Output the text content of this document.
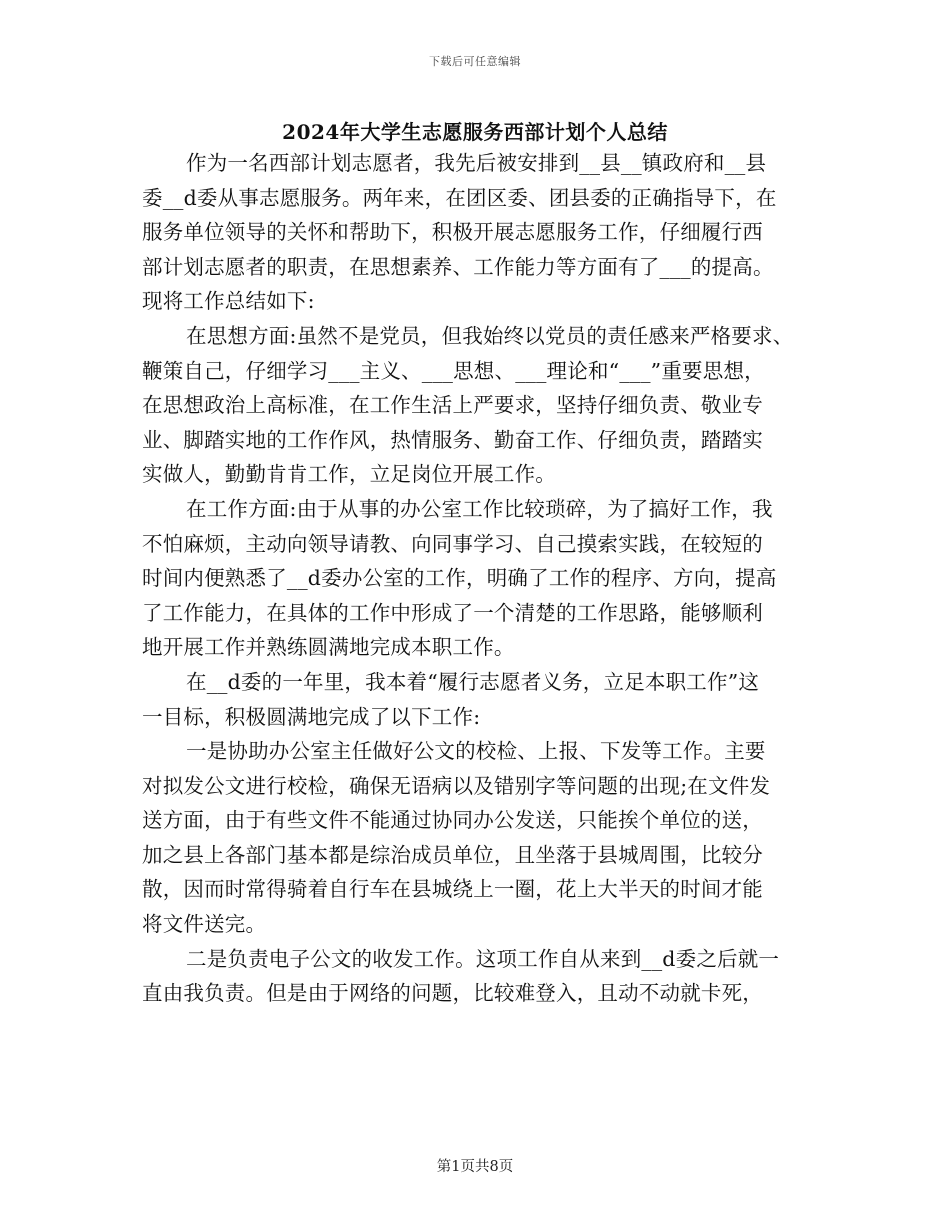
下载后可任意编辑
2024年大学生志愿服务西部计划个人总结
作为一名西部计划志愿者，我先后被安排到__县__镇政府和__县
委__d委从事志愿服务。两年来，在团区委、团县委的正确指导下，在
服务单位领导的关怀和帮助下，积极开展志愿服务工作，仔细履行西
部计划志愿者的职责，在思想素养、工作能力等方面有了___的提高。
现将工作总结如下:
在思想方面:虽然不是党员，但我始终以党员的责任感来严格要求、
鞭策自己，仔细学习___主义、___思想、___理论和“___”重要思想，
在思想政治上高标准，在工作生活上严要求，坚持仔细负责、敬业专
业、脚踏实地的工作作风，热情服务、勤奋工作、仔细负责，踏踏实
实做人，勤勤肯肯工作，立足岗位开展工作。
在工作方面:由于从事的办公室工作比较琐碎，为了搞好工作，我
不怕麻烦，主动向领导请教、向同事学习、自己摸索实践，在较短的
时间内便熟悉了__d委办公室的工作，明确了工作的程序、方向，提高
了工作能力，在具体的工作中形成了一个清楚的工作思路，能够顺利
地开展工作并熟练圆满地完成本职工作。
在__d委的一年里，我本着“履行志愿者义务，立足本职工作”这
一目标，积极圆满地完成了以下工作:
一是协助办公室主任做好公文的校检、上报、下发等工作。主要
对拟发公文进行校检，确保无语病以及错别字等问题的出现;在文件发
送方面，由于有些文件不能通过协同办公发送，只能挨个单位的送，
加之县上各部门基本都是综治成员单位，且坐落于县城周围，比较分
散，因而时常得骑着自行车在县城绕上一圈，花上大半天的时间才能
将文件送完。
二是负责电子公文的收发工作。这项工作自从来到__d委之后就一
直由我负责。但是由于网络的问题，比较难登入，且动不动就卡死，
第1页共8页
